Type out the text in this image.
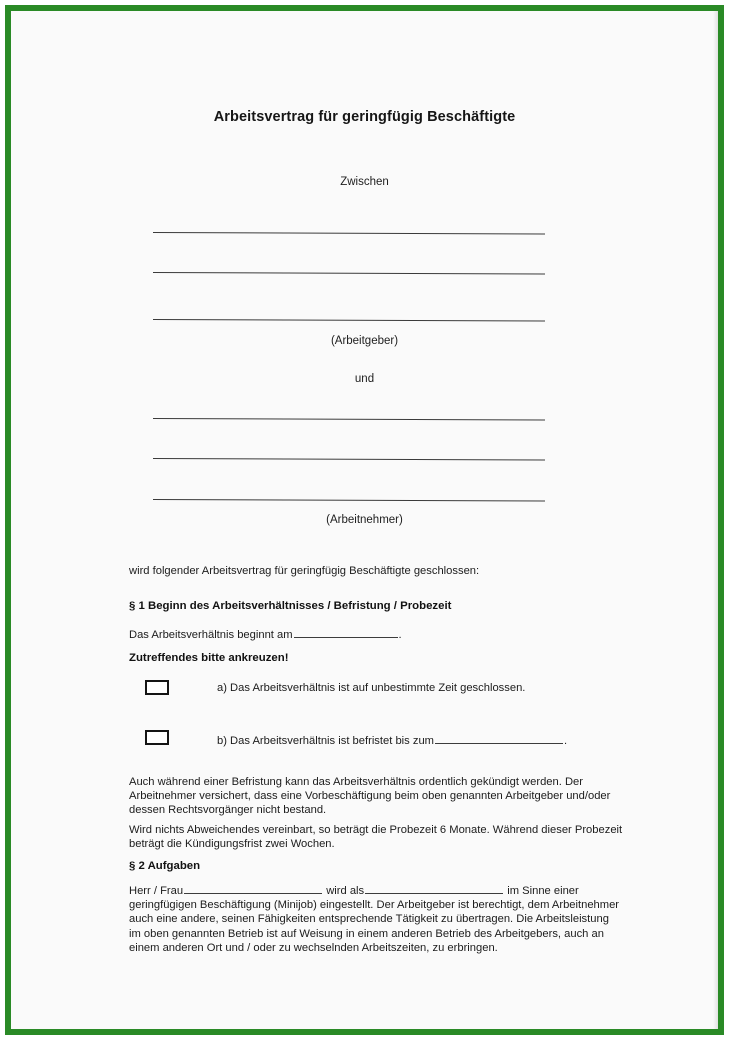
Arbeitsvertrag für geringfügig Beschäftigte
Zwischen
(Arbeitgeber)
und
(Arbeitnehmer)
wird folgender Arbeitsvertrag für geringfügig Beschäftigte geschlossen:
§ 1 Beginn des Arbeitsverhältnisses / Befristung / Probezeit
Das Arbeitsverhältnis beginnt am	.
Zutreffendes bitte ankreuzen!
a) Das Arbeitsverhältnis ist auf unbestimmte Zeit geschlossen.
b) Das Arbeitsverhältnis ist befristet bis zum	.
Auch während einer Befristung kann das Arbeitsverhältnis ordentlich gekündigt werden. Der Arbeitnehmer versichert, dass eine Vorbeschäftigung beim oben genannten Arbeitgeber und/oder dessen Rechtsvorgänger nicht bestand.
Wird nichts Abweichendes vereinbart, so beträgt die Probezeit 6 Monate. Während dieser Probezeit beträgt die Kündigungsfrist zwei Wochen.
§ 2 Aufgaben
Herr / Frau	wird als	im Sinne einer geringfügigen Beschäftigung (Minijob) eingestellt. Der Arbeitgeber ist berechtigt, dem Arbeitnehmer auch eine andere, seinen Fähigkeiten entsprechende Tätigkeit zu übertragen. Die Arbeitsleistung im oben genannten Betrieb ist auf Weisung in einem anderen Betrieb des Arbeitgebers, auch an einem anderen Ort und / oder zu wechselnden Arbeitszeiten, zu erbringen.
